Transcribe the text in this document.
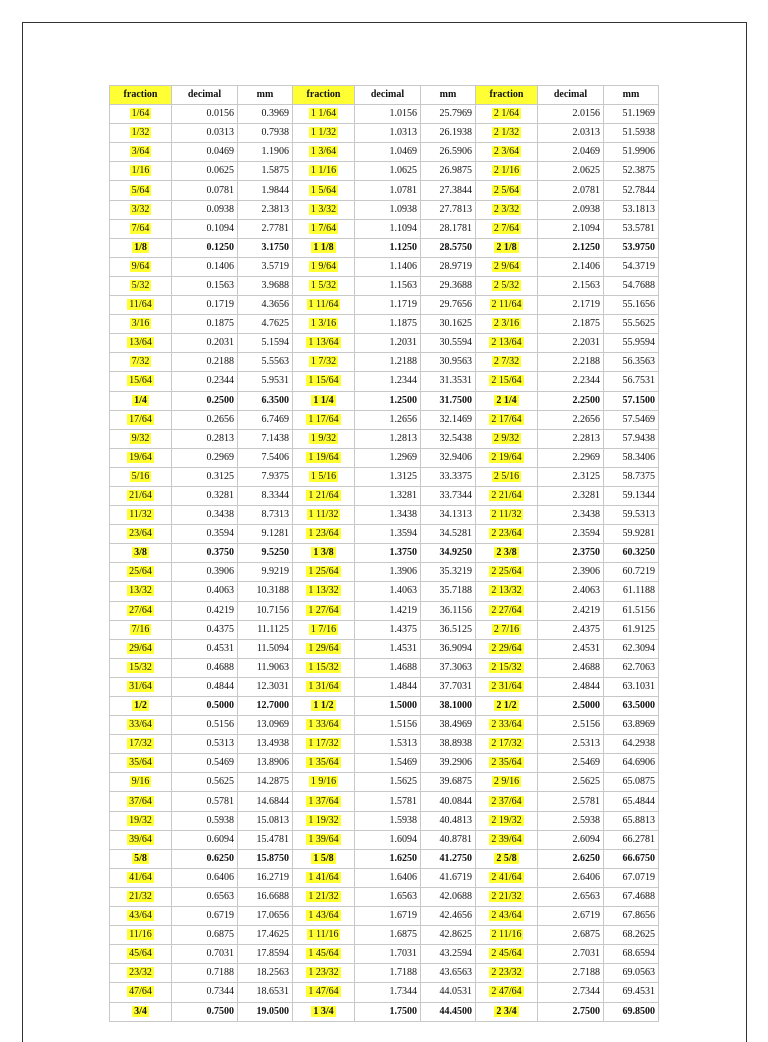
fraction	decimal	mm	fraction	decimal	mm	fraction	decimal	mm
1/64	0.0156	0.3969	1 1/64	1.0156	25.7969	2 1/64	2.0156	51.1969
1/32	0.0313	0.7938	1 1/32	1.0313	26.1938	2 1/32	2.0313	51.5938
3/64	0.0469	1.1906	1 3/64	1.0469	26.5906	2 3/64	2.0469	51.9906
1/16	0.0625	1.5875	1 1/16	1.0625	26.9875	2 1/16	2.0625	52.3875
5/64	0.0781	1.9844	1 5/64	1.0781	27.3844	2 5/64	2.0781	52.7844
3/32	0.0938	2.3813	1 3/32	1.0938	27.7813	2 3/32	2.0938	53.1813
7/64	0.1094	2.7781	1 7/64	1.1094	28.1781	2 7/64	2.1094	53.5781
1/8	0.1250	3.1750	1 1/8	1.1250	28.5750	2 1/8	2.1250	53.9750
9/64	0.1406	3.5719	1 9/64	1.1406	28.9719	2 9/64	2.1406	54.3719
5/32	0.1563	3.9688	1 5/32	1.1563	29.3688	2 5/32	2.1563	54.7688
11/64	0.1719	4.3656	1 11/64	1.1719	29.7656	2 11/64	2.1719	55.1656
3/16	0.1875	4.7625	1 3/16	1.1875	30.1625	2 3/16	2.1875	55.5625
13/64	0.2031	5.1594	1 13/64	1.2031	30.5594	2 13/64	2.2031	55.9594
7/32	0.2188	5.5563	1 7/32	1.2188	30.9563	2 7/32	2.2188	56.3563
15/64	0.2344	5.9531	1 15/64	1.2344	31.3531	2 15/64	2.2344	56.7531
1/4	0.2500	6.3500	1 1/4	1.2500	31.7500	2 1/4	2.2500	57.1500
17/64	0.2656	6.7469	1 17/64	1.2656	32.1469	2 17/64	2.2656	57.5469
9/32	0.2813	7.1438	1 9/32	1.2813	32.5438	2 9/32	2.2813	57.9438
19/64	0.2969	7.5406	1 19/64	1.2969	32.9406	2 19/64	2.2969	58.3406
5/16	0.3125	7.9375	1 5/16	1.3125	33.3375	2 5/16	2.3125	58.7375
21/64	0.3281	8.3344	1 21/64	1.3281	33.7344	2 21/64	2.3281	59.1344
11/32	0.3438	8.7313	1 11/32	1.3438	34.1313	2 11/32	2.3438	59.5313
23/64	0.3594	9.1281	1 23/64	1.3594	34.5281	2 23/64	2.3594	59.9281
3/8	0.3750	9.5250	1 3/8	1.3750	34.9250	2 3/8	2.3750	60.3250
25/64	0.3906	9.9219	1 25/64	1.3906	35.3219	2 25/64	2.3906	60.7219
13/32	0.4063	10.3188	1 13/32	1.4063	35.7188	2 13/32	2.4063	61.1188
27/64	0.4219	10.7156	1 27/64	1.4219	36.1156	2 27/64	2.4219	61.5156
7/16	0.4375	11.1125	1 7/16	1.4375	36.5125	2 7/16	2.4375	61.9125
29/64	0.4531	11.5094	1 29/64	1.4531	36.9094	2 29/64	2.4531	62.3094
15/32	0.4688	11.9063	1 15/32	1.4688	37.3063	2 15/32	2.4688	62.7063
31/64	0.4844	12.3031	1 31/64	1.4844	37.7031	2 31/64	2.4844	63.1031
1/2	0.5000	12.7000	1 1/2	1.5000	38.1000	2 1/2	2.5000	63.5000
33/64	0.5156	13.0969	1 33/64	1.5156	38.4969	2 33/64	2.5156	63.8969
17/32	0.5313	13.4938	1 17/32	1.5313	38.8938	2 17/32	2.5313	64.2938
35/64	0.5469	13.8906	1 35/64	1.5469	39.2906	2 35/64	2.5469	64.6906
9/16	0.5625	14.2875	1 9/16	1.5625	39.6875	2 9/16	2.5625	65.0875
37/64	0.5781	14.6844	1 37/64	1.5781	40.0844	2 37/64	2.5781	65.4844
19/32	0.5938	15.0813	1 19/32	1.5938	40.4813	2 19/32	2.5938	65.8813
39/64	0.6094	15.4781	1 39/64	1.6094	40.8781	2 39/64	2.6094	66.2781
5/8	0.6250	15.8750	1 5/8	1.6250	41.2750	2 5/8	2.6250	66.6750
41/64	0.6406	16.2719	1 41/64	1.6406	41.6719	2 41/64	2.6406	67.0719
21/32	0.6563	16.6688	1 21/32	1.6563	42.0688	2 21/32	2.6563	67.4688
43/64	0.6719	17.0656	1 43/64	1.6719	42.4656	2 43/64	2.6719	67.8656
11/16	0.6875	17.4625	1 11/16	1.6875	42.8625	2 11/16	2.6875	68.2625
45/64	0.7031	17.8594	1 45/64	1.7031	43.2594	2 45/64	2.7031	68.6594
23/32	0.7188	18.2563	1 23/32	1.7188	43.6563	2 23/32	2.7188	69.0563
47/64	0.7344	18.6531	1 47/64	1.7344	44.0531	2 47/64	2.7344	69.4531
3/4	0.7500	19.0500	1 3/4	1.7500	44.4500	2 3/4	2.7500	69.8500
